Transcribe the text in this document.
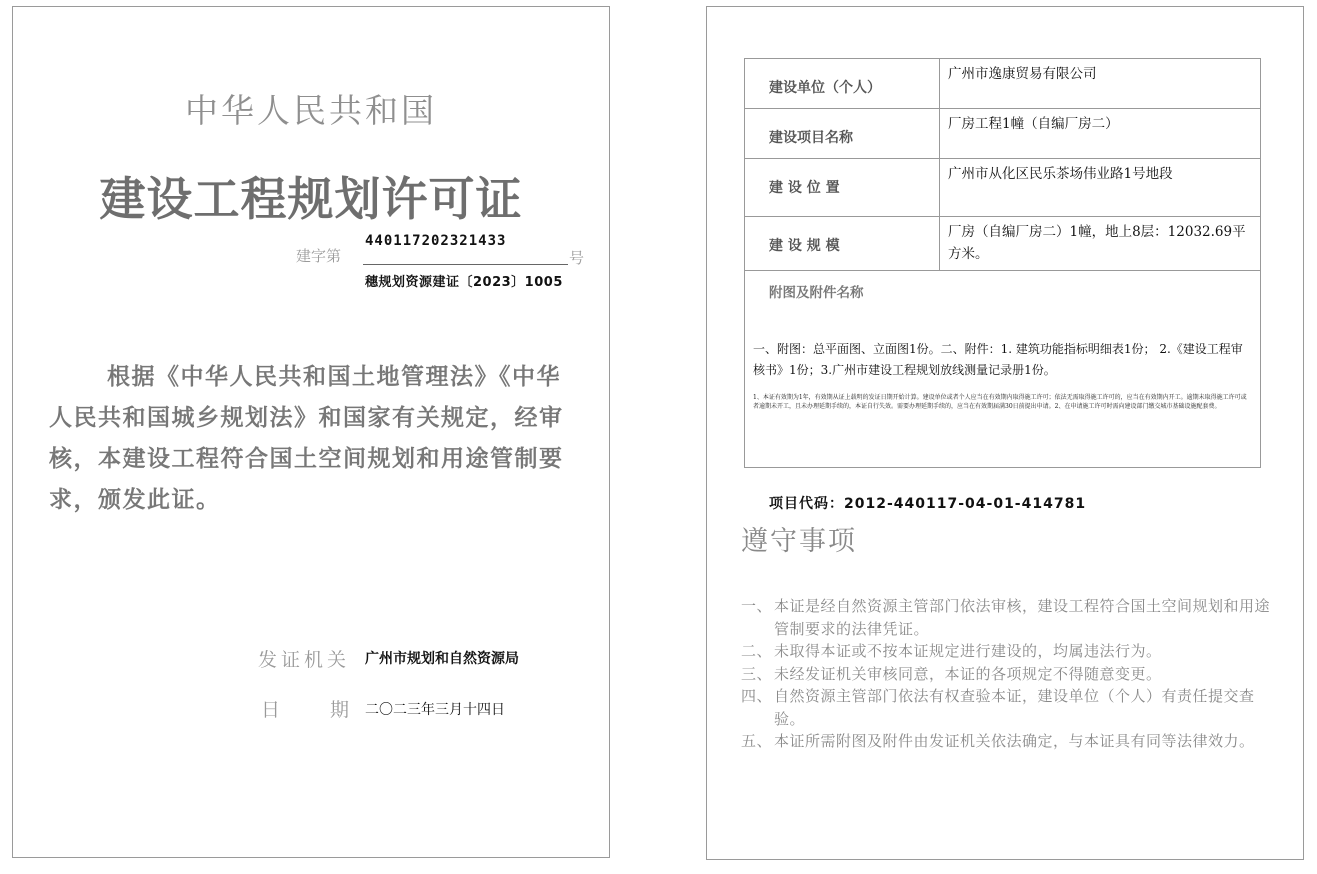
中华人民共和国
建设工程规划许可证
建字第
440117202321433
号
穗规划资源建证〔2023〕1005
根据《中华人民共和国土地管理法》《中华人民共和国城乡规划法》和国家有关规定，经审核，本建设工程符合国土空间规划和用途管制要求，颁发此证。
发证机关 广州市规划和自然资源局
日　　期 二〇二三年三月十四日
建设单位（个人）	广州市逸康贸易有限公司
建设项目名称	厂房工程1幢（自编厂房二）
建 设 位 置	广州市从化区民乐茶场伟业路1号地段
建 设 规 模	厂房（自编厂房二）1幢，地上8层：12032.69平方米。

附图及附件名称
一、附图：总平面图、立面图1份。二、附件：1. 建筑功能指标明细表1份； 2.《建设工程审核书》1份；3.广州市建设工程规划放线测量记录册1份。
1、本证有效期为1年，有效期从证上载明的发证日期开始计算。建设单位或者个人应当在有效期内取得施工许可；依法无需取得施工许可的，应当在有效期内开工。逾期未取得施工许可或者逾期未开工，且未办理延期手续的，本证自行失效。需要办理延期手续的，应当在有效期届满30日前提出申请。2、在申请施工许可时需向建设部门缴交城市基础设施配套费。	
项目代码：2012-440117-04-01-414781
遵守事项
一、 本证是经自然资源主管部门依法审核，建设工程符合国土空间规划和用途管制要求的法律凭证。
二、 未取得本证或不按本证规定进行建设的，均属违法行为。
三、 未经发证机关审核同意，本证的各项规定不得随意变更。
四、 自然资源主管部门依法有权查验本证，建设单位（个人）有责任提交查验。
五、 本证所需附图及附件由发证机关依法确定，与本证具有同等法律效力。
